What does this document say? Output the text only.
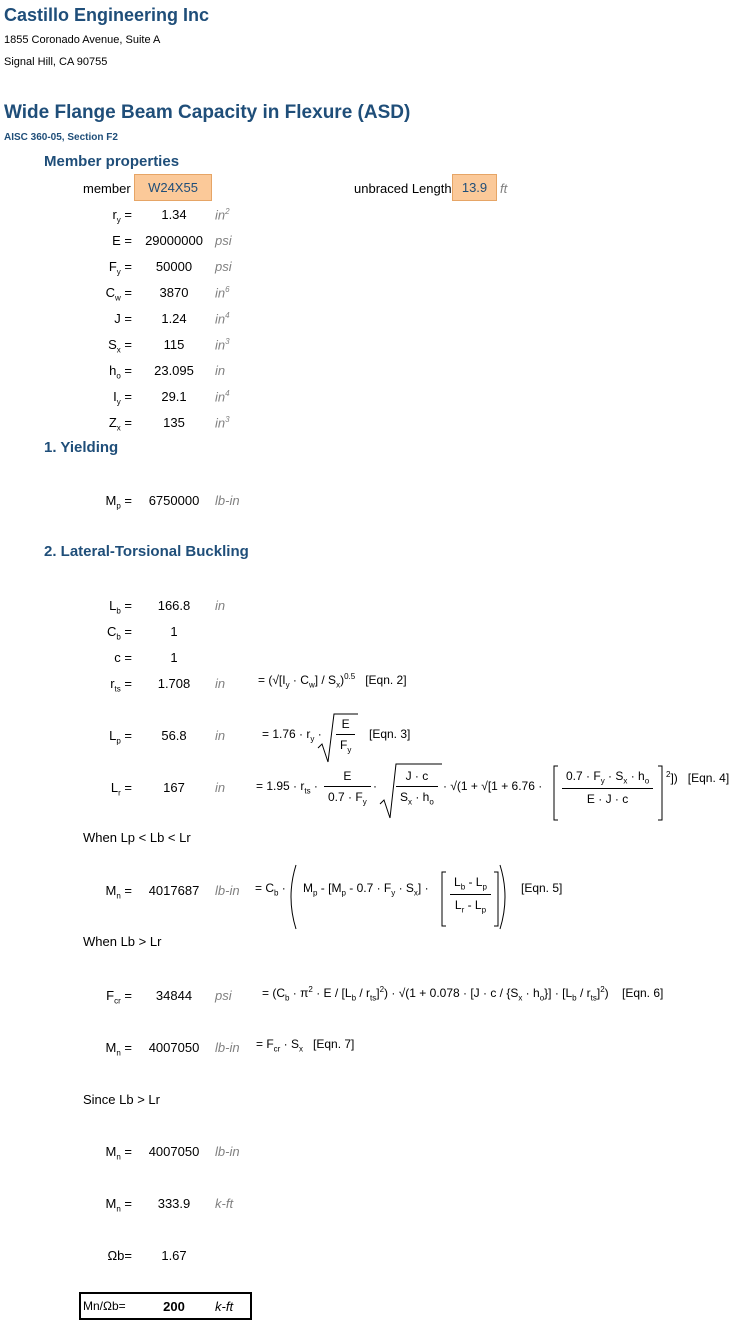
Castillo Engineering Inc
1855 Coronado Avenue, Suite A
Signal Hill, CA 90755
Wide Flange Beam Capacity in Flexure (ASD)
AISC 360-05, Section F2
Member properties
member	W24X55	unbraced Length 13.9 ft
$r_y$ =	1.34	$in^2$
E =	29000000 psi
$F_y$ =	50000	psi
$C_w$ =	3870	$in^6$
J =	1.24	$in^4$
$S_x$ =	115	$in^3$
$h_o$ =	23.095	in
$I_y$ =	29.1	$in^4$
$Z_x$ =	135	$in^3$
1. Yielding
$M_p$ =	6750000	lb-in
2. Lateral-Torsional Buckling
$L_b$ =	166.8	in
$C_b$ =	1
c =	1
$r_{ts}$ =	1.708	in	= $(√[I_y \cdot C_w] / S_x)^{0.5}$ [Eqn. 2]
$L_p$ =	56.8	in	= $1.76 \cdot r_y \cdot \frac{E}{F_y} [Eqn$. 3]
$L_r$ =	167	in	= $1.95 \cdot r_{ts} \cdot \frac{E}{0.7 \cdot F_y} \cdot \frac{J \cdot c}{S_x \cdot h_o} \cdot √(1 + √[1 + 6.76 \cdot \frac{0.7 \cdot F_y \cdot S_x \cdot h_o}{E \cdot J \cdot c} ^2])$   [Eqn. 4]
When Lp < Lb < Lr
$M_n$ =	4017687	$lb-in = C_b \cdot M_p - [M_p - 0.7 \cdot F_y \cdot S_x] \cdot \frac{L_b - L_p}{L_r - L_p}$	[Eqn. 5]
When Lb > Lr
$F_{cr}$ =	34844	psi	= $(C_b \cdot \pi^2 \cdot E / [L_b / r_{ts}]^2) \cdot √(1 + 0.078 \cdot [J \cdot c / \{S_x \cdot h_o\}] \cdot [L_b / r_{ts}]^2)$    [Eqn. 6]
$M_n$ =	4007050	$lb-in = F_{cr} \cdot S_x$ [Eqn. 7]
Since Lb > Lr
$M_n$ =	4007050	lb-in
$M_n$ =	333.9	k-ft
Ωb=	1.67
Mn/Ωb=	200	k-ft
